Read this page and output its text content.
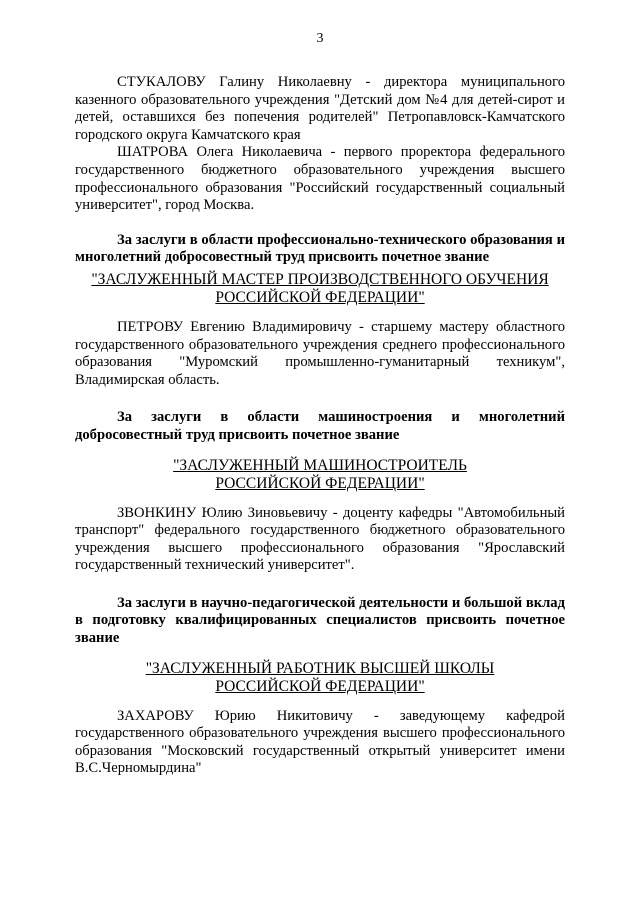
3

СТУКАЛОВУ Галину Николаевну - директора муниципального казенного образовательного учреждения "Детский дом №4 для детей-сирот и детей, оставшихся без попечения родителей" Петропавловск-Камчатского городского округа Камчатского края

ШАТРОВА Олега Николаевича - первого проректора федерального государственного бюджетного образовательного учреждения высшего профессионального образования "Российский государственный социальный университет", город Москва.

За заслуги в области профессионально-технического образования и многолетний добросовестный труд присвоить почетное звание

"ЗАСЛУЖЕННЫЙ МАСТЕР ПРОИЗВОДСТВЕННОГО ОБУЧЕНИЯ

РОССИЙСКОЙ ФЕДЕРАЦИИ"

ПЕТРОВУ Евгению Владимировичу - старшему мастеру областного государственного образовательного учреждения среднего профессионального образования "Муромский промышленно-гуманитарный техникум", Владимирская область.

За заслуги в области машиностроения и многолетний добросовестный труд присвоить почетное звание

"ЗАСЛУЖЕННЫЙ МАШИНОСТРОИТЕЛЬ

РОССИЙСКОЙ ФЕДЕРАЦИИ"

ЗВОНКИНУ Юлию Зиновьевичу - доценту кафедры "Автомобильный транспорт" федерального государственного бюджетного образовательного учреждения высшего профессионального образования "Ярославский государственный технический университет".

За заслуги в научно-педагогической деятельности и большой вклад в подготовку квалифицированных специалистов присвоить почетное звание

"ЗАСЛУЖЕННЫЙ РАБОТНИК ВЫСШЕЙ ШКОЛЫ

РОССИЙСКОЙ ФЕДЕРАЦИИ"

ЗАХАРОВУ Юрию Никитовичу - заведующему кафедрой государственного образовательного учреждения высшего профессионального образования "Московский государственный открытый университет имени В.С.Черномырдина"
